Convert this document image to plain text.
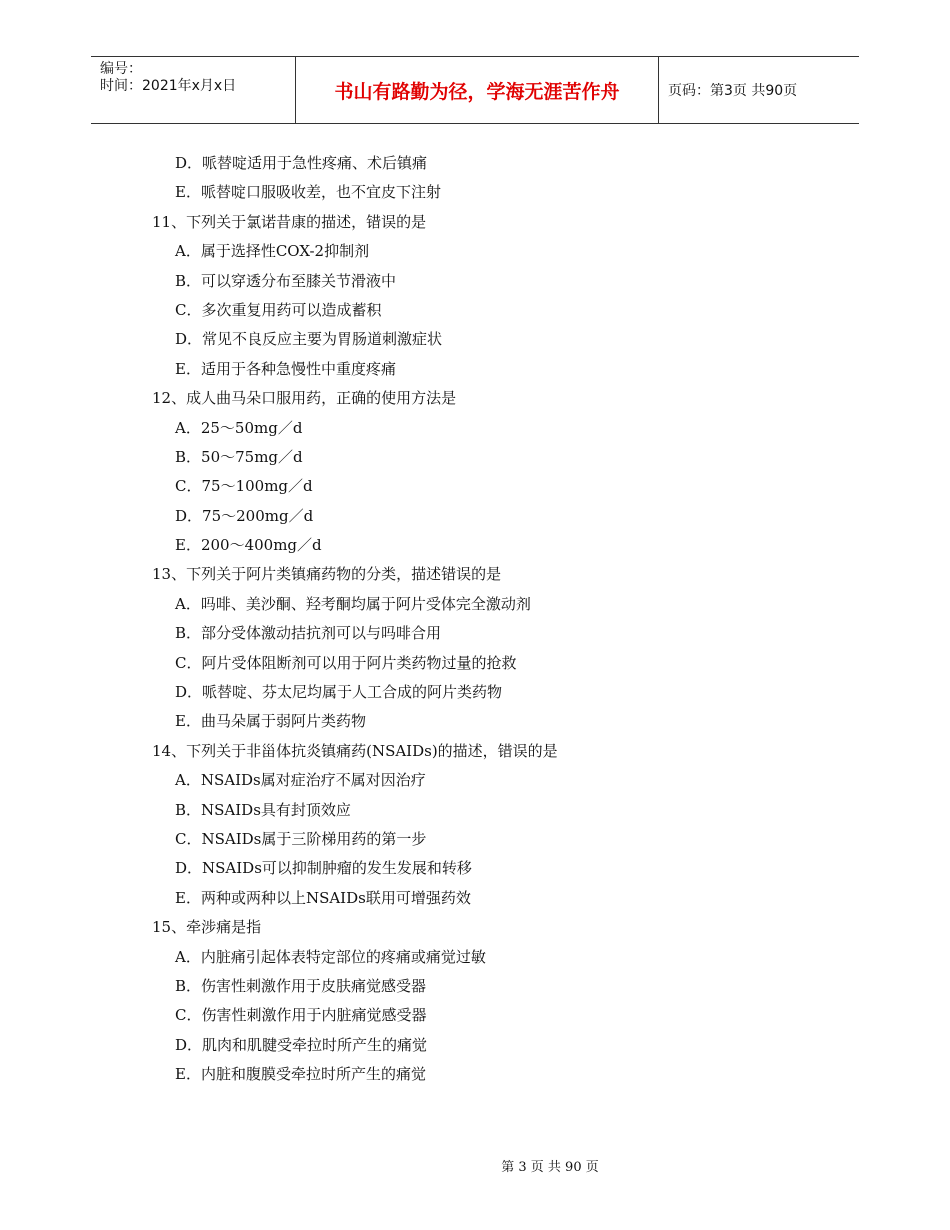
编号：
时间：2021年x月x日	书山有路勤为径，学海无涯苦作舟	页码：第3页 共90页
D．哌替啶适用于急性疼痛、术后镇痛
E．哌替啶口服吸收差，也不宜皮下注射
11、下列关于氯诺昔康的描述，错误的是
A．属于选择性COX-2抑制剂
B．可以穿透分布至膝关节滑液中
C．多次重复用药可以造成蓄积
D．常见不良反应主要为胃肠道刺激症状
E．适用于各种急慢性中重度疼痛
12、成人曲马朵口服用药，正确的使用方法是
A．25～50mg／d
B．50～75mg／d
C．75～100mg／d
D．75～200mg／d
E．200～400mg／d
13、下列关于阿片类镇痛药物的分类，描述错误的是
A．吗啡、美沙酮、羟考酮均属于阿片受体完全激动剂
B．部分受体激动拮抗剂可以与吗啡合用
C．阿片受体阻断剂可以用于阿片类药物过量的抢救
D．哌替啶、芬太尼均属于人工合成的阿片类药物
E．曲马朵属于弱阿片类药物
14、下列关于非甾体抗炎镇痛药(NSAIDs)的描述，错误的是
A．NSAIDs属对症治疗不属对因治疗
B．NSAIDs具有封顶效应
C．NSAIDs属于三阶梯用药的第一步
D．NSAIDs可以抑制肿瘤的发生发展和转移
E．两种或两种以上NSAIDs联用可增强药效
15、牵涉痛是指
A．内脏痛引起体表特定部位的疼痛或痛觉过敏
B．伤害性刺激作用于皮肤痛觉感受器
C．伤害性刺激作用于内脏痛觉感受器
D．肌肉和肌腱受牵拉时所产生的痛觉
E．内脏和腹膜受牵拉时所产生的痛觉
第 3 页 共 90 页
